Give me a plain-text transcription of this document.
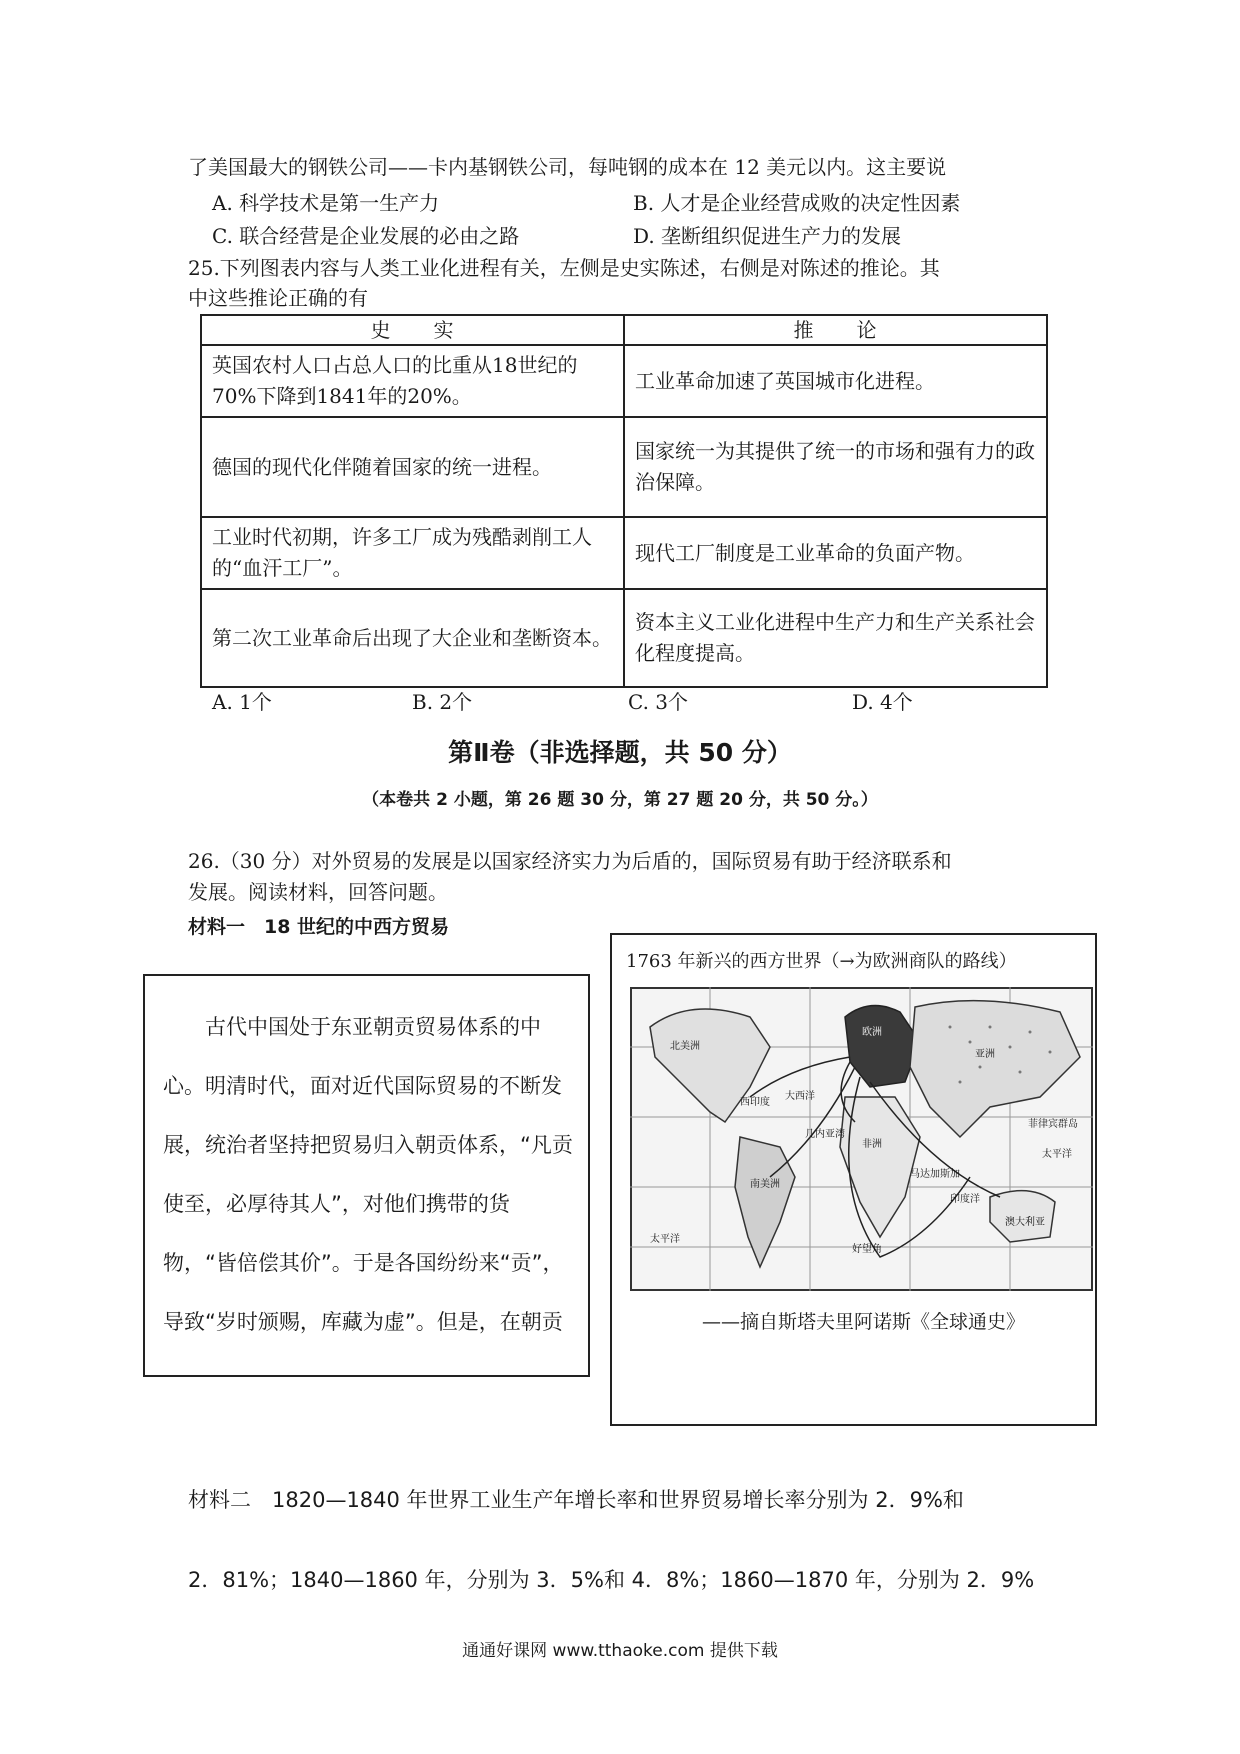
了美国最大的钢铁公司——卡内基钢铁公司，每吨钢的成本在 12 美元以内。这主要说
A. 科学技术是第一生产力	B. 人才是企业经营成败的决定性因素
C. 联合经营是企业发展的必由之路	D. 垄断组织促进生产力的发展
25.下列图表内容与人类工业化进程有关，左侧是史实陈述，右侧是对陈述的推论。其
中这些推论正确的有
史　　实	推　　论
英国农村人口占总人口的比重从18世纪的70%下降到1841年的20%。	工业革命加速了英国城市化进程。
德国的现代化伴随着国家的统一进程。	国家统一为其提供了统一的市场和强有力的政治保障。
工业时代初期，许多工厂成为残酷剥削工人的“血汗工厂”。	现代工厂制度是工业革命的负面产物。
第二次工业革命后出现了大企业和垄断资本。	资本主义工业化进程中生产力和生产关系社会化程度提高。
A. 1个	B. 2个	C. 3个	D. 4个
第Ⅱ卷（非选择题，共 50 分）
（本卷共 2 小题，第 26 题 30 分，第 27 题 20 分，共 50 分。）
26.（30 分）对外贸易的发展是以国家经济实力为后盾的，国际贸易有助于经济联系和
发展。阅读材料，回答问题。
材料一　18 世纪的中西方贸易
古代中国处于东亚朝贡贸易体系的中心。明清时代，面对近代国际贸易的不断发展，统治者坚持把贸易归入朝贡体系，“凡贡使至，必厚待其人”，对他们携带的货物，“皆倍偿其价”。于是各国纷纷来“贡”，导致“岁时颁赐，库藏为虚”。但是，在朝贡
1763 年新兴的西方世界（→为欧洲商队的路线）
北美洲
大西洋
西印度
非洲
南美洲
太平洋
太平洋
印度洋
澳大利亚
欧洲
亚洲
菲律宾群岛
好望角
马达加斯加
几内亚湾
——摘自斯塔夫里阿诺斯《全球通史》
材料二　1820—1840 年世界工业生产年增长率和世界贸易增长率分别为 2．9%和
2．81%；1840—1860 年，分别为 3．5%和 4．8%；1860—1870 年，分别为 2．9%
通通好课网 www.tthaoke.com 提供下载
